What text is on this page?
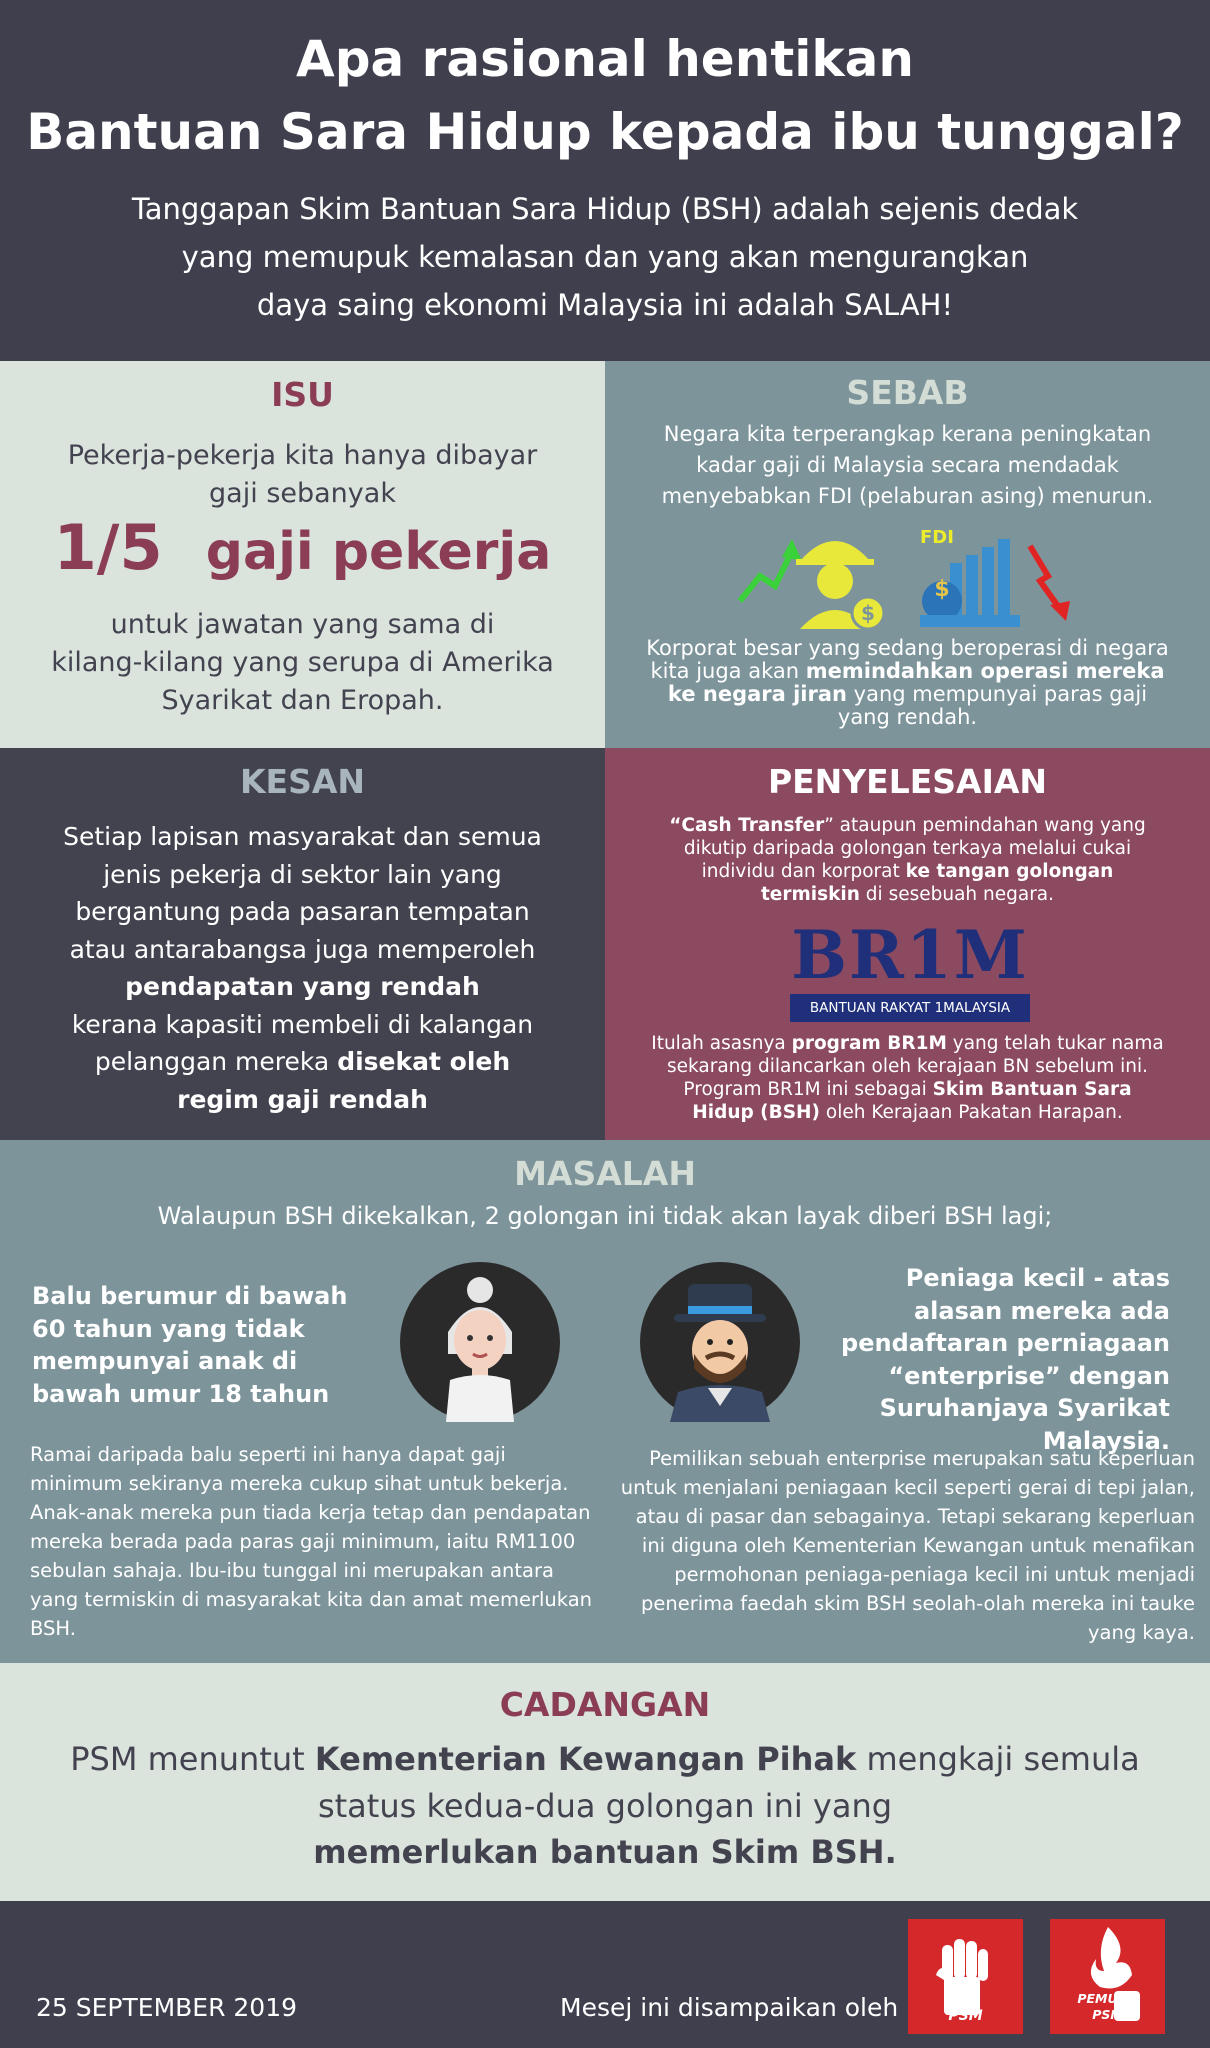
Apa rasional hentikan
Bantuan Sara Hidup kepada ibu tunggal?
Tanggapan Skim Bantuan Sara Hidup (BSH) adalah sejenis dedak
yang memupuk kemalasan dan yang akan mengurangkan
daya saing ekonomi Malaysia ini adalah SALAH!
ISU
Pekerja-pekerja kita hanya dibayar
gaji sebanyak
1/5 gaji pekerja
untuk jawatan yang sama di
kilang-kilang yang serupa di Amerika
Syarikat dan Eropah.
SEBAB
Negara kita terperangkap kerana peningkatan
kadar gaji di Malaysia secara mendadak
menyebabkan FDI (pelaburan asing) menurun.
$
FDI
$
Korporat besar yang sedang beroperasi di negara kita juga akan memindahkan operasi mereka ke negara jiran yang mempunyai paras gaji yang rendah.
KESAN
Setiap lapisan masyarakat dan semua
jenis pekerja di sektor lain yang
bergantung pada pasaran tempatan
atau antarabangsa juga memperoleh
pendapatan yang rendah
kerana kapasiti membeli di kalangan
pelanggan mereka disekat oleh
regim gaji rendah
PENYELESAIAN
“Cash Transfer” ataupun pemindahan wang yang dikutip daripada golongan terkaya melalui cukai individu dan korporat ke tangan golongan termiskin di sesebuah negara.
BR1M
BANTUAN RAKYAT 1MALAYSIA
Itulah asasnya program BR1M yang telah tukar nama sekarang dilancarkan oleh kerajaan BN sebelum ini. Program BR1M ini sebagai Skim Bantuan Sara Hidup (BSH) oleh Kerajaan Pakatan Harapan.
MASALAH
Walaupun BSH dikekalkan, 2 golongan ini tidak akan layak diberi BSH lagi;
Balu berumur di bawah 60 tahun yang tidak mempunyai anak di bawah umur 18 tahun
Ramai daripada balu seperti ini hanya dapat gaji minimum sekiranya mereka cukup sihat untuk bekerja. Anak-anak mereka pun tiada kerja tetap dan pendapatan mereka berada pada paras gaji minimum, iaitu RM1100 sebulan sahaja. Ibu-ibu tunggal ini merupakan antara yang termiskin di masyarakat kita dan amat memerlukan BSH.
Peniaga kecil - atas alasan mereka ada pendaftaran perniagaan “enterprise” dengan Suruhanjaya Syarikat Malaysia.
Pemilikan sebuah enterprise merupakan satu keperluan untuk menjalani peniagaan kecil seperti gerai di tepi jalan, atau di pasar dan sebagainya. Tetapi sekarang keperluan ini diguna oleh Kementerian Kewangan untuk menafikan permohonan peniaga-peniaga kecil ini untuk menjadi penerima faedah skim BSH seolah-olah mereka ini tauke yang kaya.
CADANGAN
PSM menuntut Kementerian Kewangan Pihak mengkaji semula
status kedua-dua golongan ini yang
memerlukan bantuan Skim BSH.
25 SEPTEMBER 2019	Mesej ini disampaikan oleh	PSM
PEMUDA
PSM
